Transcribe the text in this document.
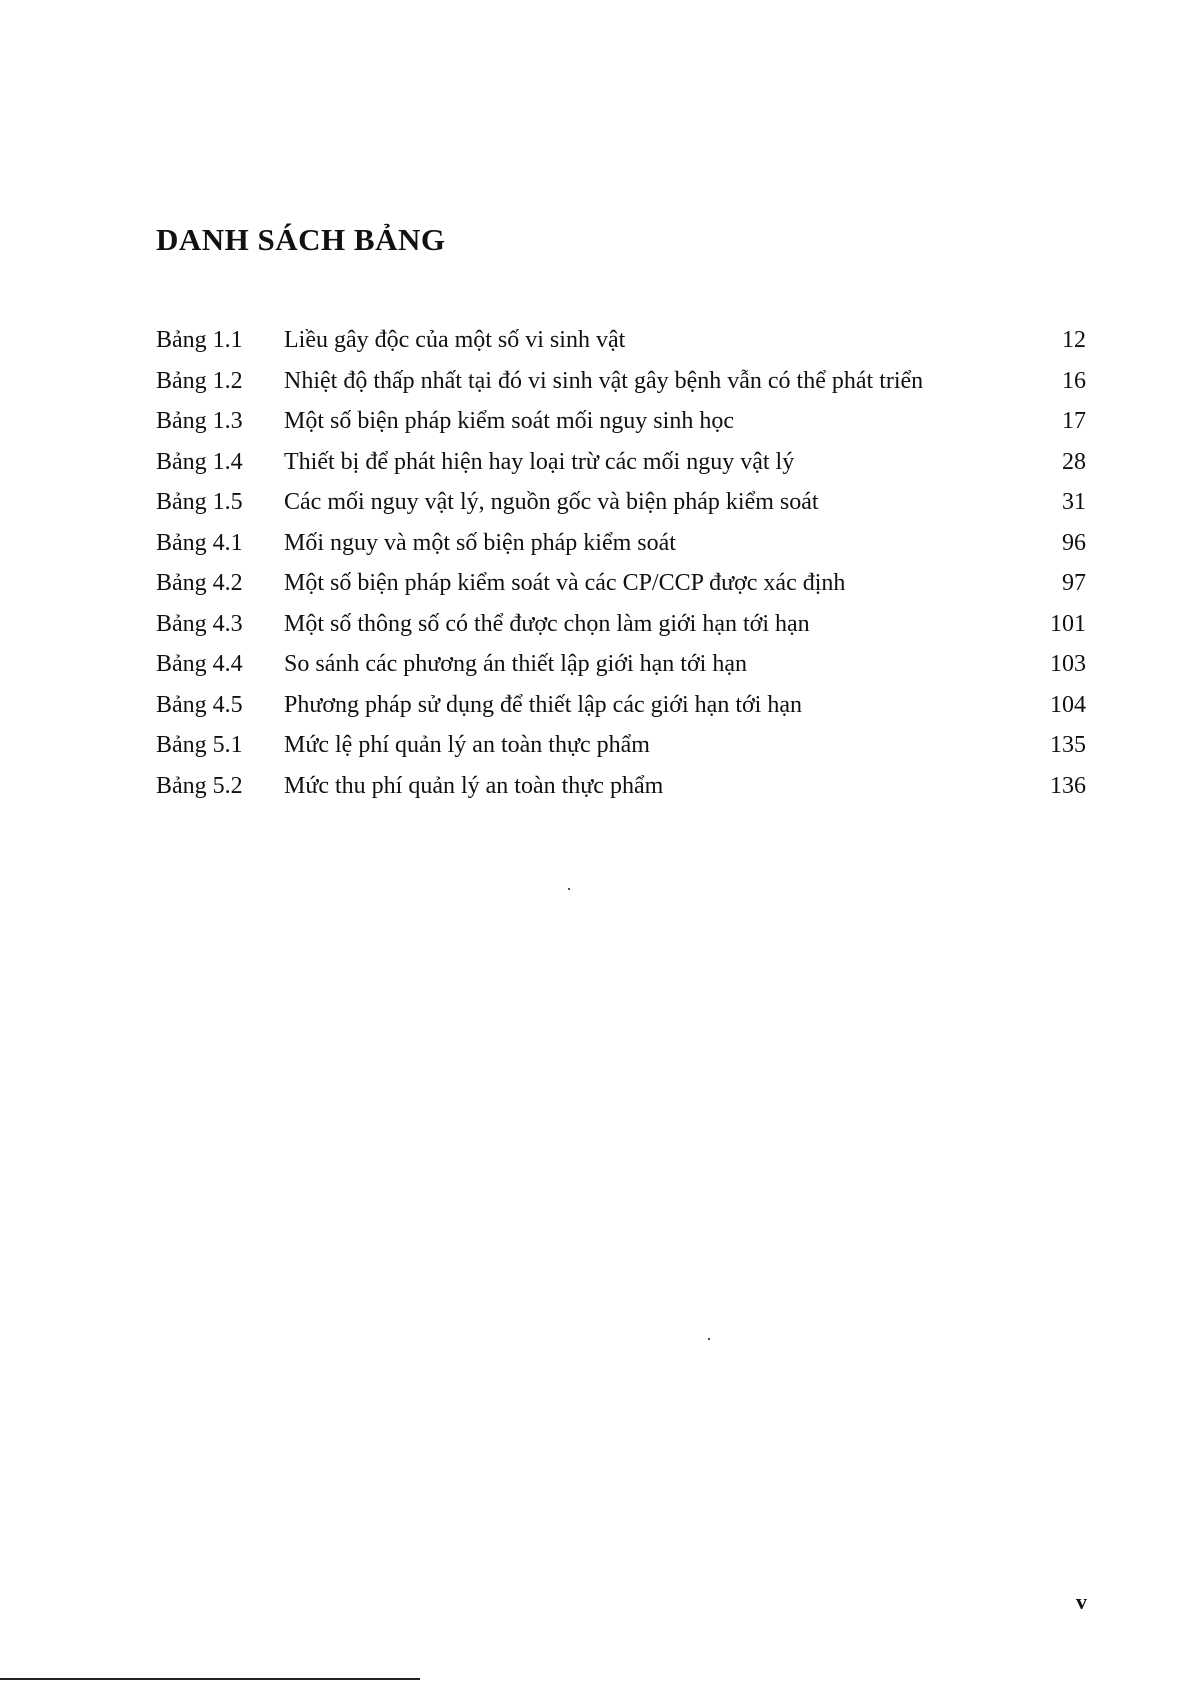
DANH SÁCH BẢNG
Bảng 1.1	Liều gây độc của một số vi sinh vật	12
Bảng 1.2	Nhiệt độ thấp nhất tại đó vi sinh vật gây bệnh vẫn có thể phát triển	16
Bảng 1.3	Một số biện pháp kiểm soát mối nguy sinh học	17
Bảng 1.4	Thiết bị để phát hiện hay loại trừ các mối nguy vật lý	28
Bảng 1.5	Các mối nguy vật lý, nguồn gốc và biện pháp kiểm soát	31
Bảng 4.1	Mối nguy và một số biện pháp kiểm soát	96
Bảng 4.2	Một số biện pháp kiểm soát và các CP/CCP được xác định	97
Bảng 4.3	Một số thông số có thể được chọn làm giới hạn tới hạn	101
Bảng 4.4	So sánh các phương án thiết lập giới hạn tới hạn	103
Bảng 4.5	Phương pháp sử dụng để thiết lập các giới hạn tới hạn	104
Bảng 5.1	Mức lệ phí quản lý an toàn thực phẩm	135
Bảng 5.2	Mức thu phí quản lý an toàn thực phẩm	136
v
